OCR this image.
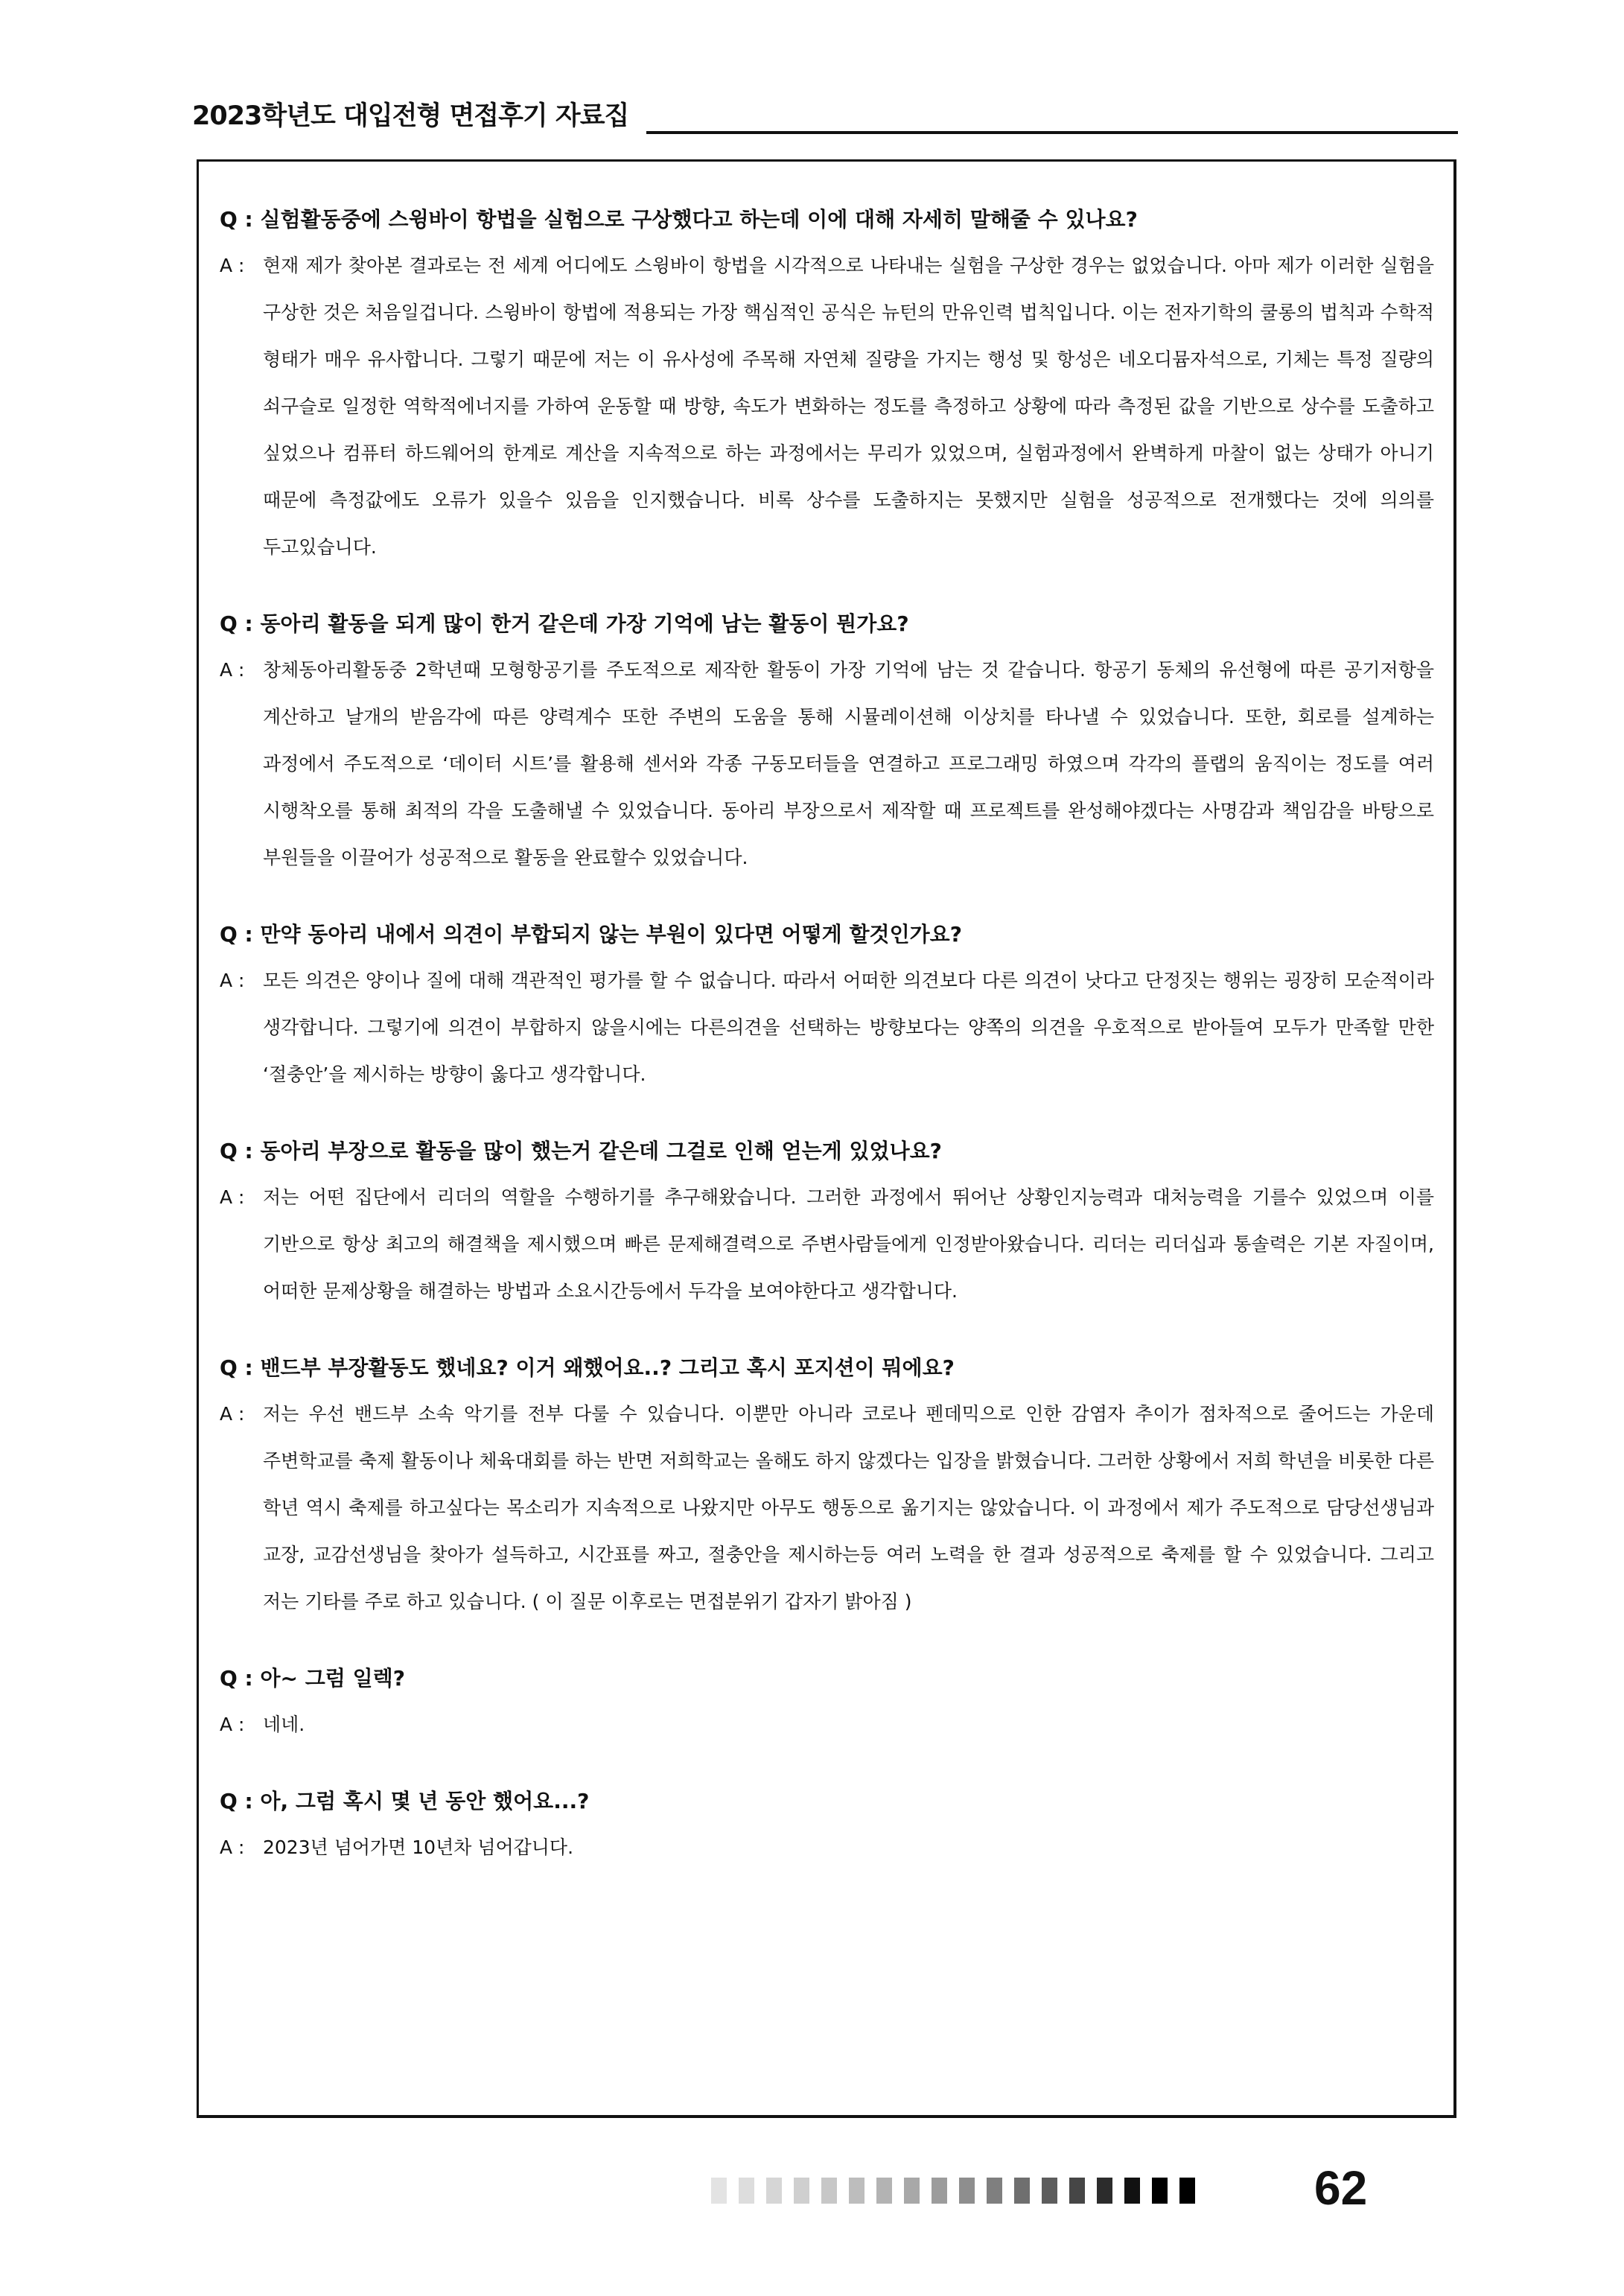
2023학년도 대입전형 면접후기 자료집
Q : 실험활동중에 스윙바이 항법을 실험으로 구상했다고 하는데 이에 대해 자세히 말해줄 수 있나요?
A : 현재 제가 찾아본 결과로는 전 세계 어디에도 스윙바이 항법을 시각적으로 나타내는 실험을 구상한 경우는 없었습니다. 아마 제가 이러한 실험을 구상한 것은 처음일겁니다. 스윙바이 항법에 적용되는 가장 핵심적인 공식은 뉴턴의 만유인력 법칙입니다. 이는 전자기학의 쿨롱의 법칙과 수학적 형태가 매우 유사합니다. 그렇기 때문에 저는 이 유사성에 주목해 자연체 질량을 가지는 행성 및 항성은 네오디뮴자석으로, 기체는 특정 질량의 쇠구슬로 일정한 역학적에너지를 가하여 운동할 때 방향, 속도가 변화하는 정도를 측정하고 상황에 따라 측정된 값을 기반으로 상수를 도출하고 싶었으나 컴퓨터 하드웨어의 한계로 계산을 지속적으로 하는 과정에서는 무리가 있었으며, 실험과정에서 완벽하게 마찰이 없는 상태가 아니기 때문에 측정값에도 오류가 있을수 있음을 인지했습니다. 비록 상수를 도출하지는 못했지만 실험을 성공적으로 전개했다는 것에 의의를 두고있습니다.
Q : 동아리 활동을 되게 많이 한거 같은데 가장 기억에 남는 활동이 뭔가요?
A : 창체동아리활동중 2학년때 모형항공기를 주도적으로 제작한 활동이 가장 기억에 남는 것 같습니다. 항공기 동체의 유선형에 따른 공기저항을 계산하고 날개의 받음각에 따른 양력계수 또한 주변의 도움을 통해 시뮬레이션해 이상치를 타나낼 수 있었습니다. 또한, 회로를 설계하는 과정에서 주도적으로 ‘데이터 시트’를 활용해 센서와 각종 구동모터들을 연결하고 프로그래밍 하였으며 각각의 플랩의 움직이는 정도를 여러 시행착오를 통해 최적의 각을 도출해낼 수 있었습니다. 동아리 부장으로서 제작할 때 프로젝트를 완성해야겠다는 사명감과 책임감을 바탕으로 부원들을 이끌어가 성공적으로 활동을 완료할수 있었습니다.
Q : 만약 동아리 내에서 의견이 부합되지 않는 부원이 있다면 어떻게 할것인가요?
A : 모든 의견은 양이나 질에 대해 객관적인 평가를 할 수 없습니다. 따라서 어떠한 의견보다 다른 의견이 낫다고 단정짓는 행위는 굉장히 모순적이라 생각합니다. 그렇기에 의견이 부합하지 않을시에는 다른의견을 선택하는 방향보다는 양쪽의 의견을 우호적으로 받아들여 모두가 만족할 만한 ‘절충안’을 제시하는 방향이 옳다고 생각합니다.
Q : 동아리 부장으로 활동을 많이 했는거 같은데 그걸로 인해 얻는게 있었나요?
A : 저는 어떤 집단에서 리더의 역할을 수행하기를 추구해왔습니다. 그러한 과정에서 뛰어난 상황인지능력과 대처능력을 기를수 있었으며 이를 기반으로 항상 최고의 해결책을 제시했으며 빠른 문제해결력으로 주변사람들에게 인정받아왔습니다. 리더는 리더십과 통솔력은 기본 자질이며, 어떠한 문제상황을 해결하는 방법과 소요시간등에서 두각을 보여야한다고 생각합니다.
Q : 밴드부 부장활동도 했네요? 이거 왜했어요..? 그리고 혹시 포지션이 뭐에요?
A : 저는 우선 밴드부 소속 악기를 전부 다룰 수 있습니다. 이뿐만 아니라 코로나 펜데믹으로 인한 감염자 추이가 점차적으로 줄어드는 가운데 주변학교를 축제 활동이나 체육대회를 하는 반면 저희학교는 올해도 하지 않겠다는 입장을 밝혔습니다. 그러한 상황에서 저희 학년을 비롯한 다른 학년 역시 축제를 하고싶다는 목소리가 지속적으로 나왔지만 아무도 행동으로 옮기지는 않았습니다. 이 과정에서 제가 주도적으로 담당선생님과 교장, 교감선생님을 찾아가 설득하고, 시간표를 짜고, 절충안을 제시하는등 여러 노력을 한 결과 성공적으로 축제를 할 수 있었습니다. 그리고 저는 기타를 주로 하고 있습니다. ( 이 질문 이후로는 면접분위기 갑자기 밝아짐 )
Q : 아~ 그럼 일렉?
A : 네네.
Q : 아, 그럼 혹시 몇 년 동안 했어요...?
A : 2023년 넘어가면 10년차 넘어갑니다.
62
